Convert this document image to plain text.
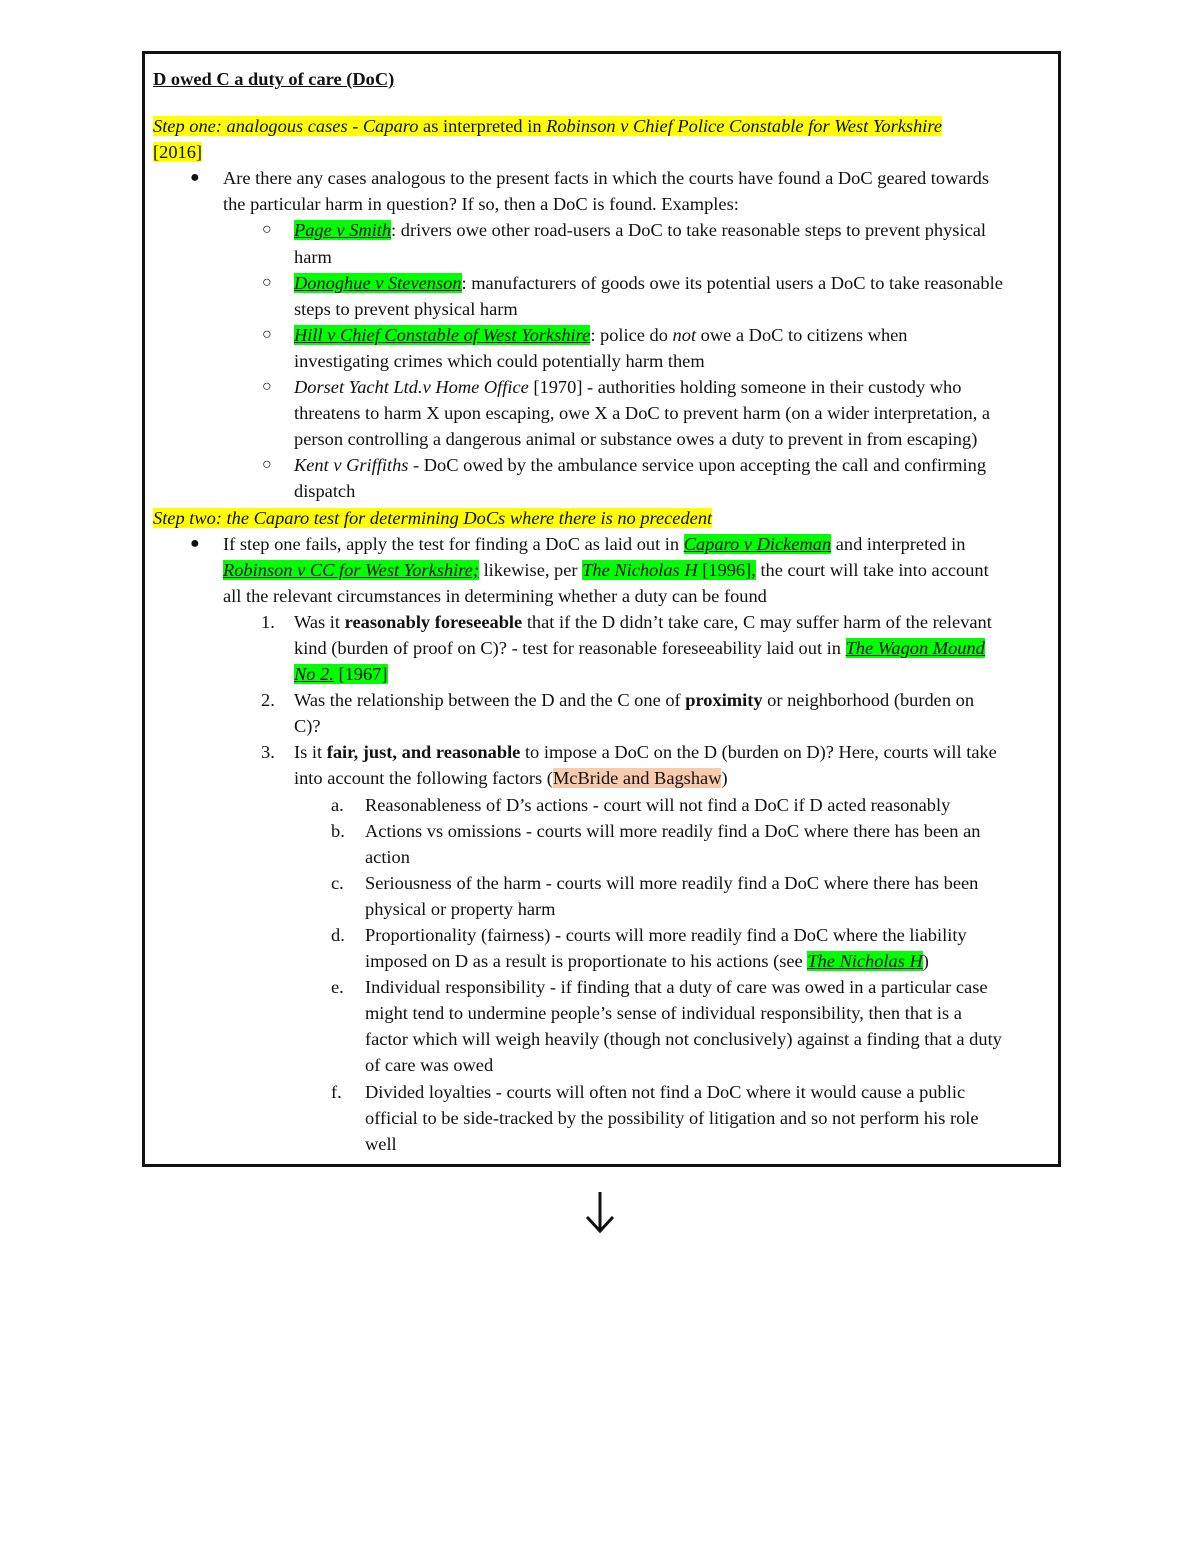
D owed C a duty of care (DoC)
Step one: analogous cases - Caparo as interpreted in Robinson v Chief Police Constable for West Yorkshire
[2016]
● Are there any cases analogous to the present facts in which the courts have found a DoC geared towards
the particular harm in question? If so, then a DoC is found. Examples:
○ Page v Smith: drivers owe other road-users a DoC to take reasonable steps to prevent physical
harm
○ Donoghue v Stevenson: manufacturers of goods owe its potential users a DoC to take reasonable
steps to prevent physical harm
○ Hill v Chief Constable of West Yorkshire: police do not owe a DoC to citizens when
investigating crimes which could potentially harm them
○ Dorset Yacht Ltd.v Home Office [1970] - authorities holding someone in their custody who
threatens to harm X upon escaping, owe X a DoC to prevent harm (on a wider interpretation, a
person controlling a dangerous animal or substance owes a duty to prevent in from escaping)
○ Kent v Griffiths - DoC owed by the ambulance service upon accepting the call and confirming
dispatch
Step two: the Caparo test for determining DoCs where there is no precedent
● If step one fails, apply the test for finding a DoC as laid out in Caparo v Dickeman and interpreted in
Robinson v CC for West Yorkshire; likewise, per The Nicholas H [1996], the court will take into account
all the relevant circumstances in determining whether a duty can be found
1. Was it reasonably foreseeable that if the D didn’t take care, C may suffer harm of the relevant
kind (burden of proof on C)? - test for reasonable foreseeability laid out in The Wagon Mound
No 2. [1967]
2. Was the relationship between the D and the C one of proximity or neighborhood (burden on
C)?
3. Is it fair, just, and reasonable to impose a DoC on the D (burden on D)? Here, courts will take
into account the following factors (McBride and Bagshaw)
a. Reasonableness of D’s actions - court will not find a DoC if D acted reasonably
b. Actions vs omissions - courts will more readily find a DoC where there has been an
action
c. Seriousness of the harm - courts will more readily find a DoC where there has been
physical or property harm
d. Proportionality (fairness) - courts will more readily find a DoC where the liability
imposed on D as a result is proportionate to his actions (see The Nicholas H)
e. Individual responsibility - if finding that a duty of care was owed in a particular case
might tend to undermine people’s sense of individual responsibility, then that is a
factor which will weigh heavily (though not conclusively) against a finding that a duty
of care was owed
f. Divided loyalties - courts will often not find a DoC where it would cause a public
official to be side-tracked by the possibility of litigation and so not perform his role
well
